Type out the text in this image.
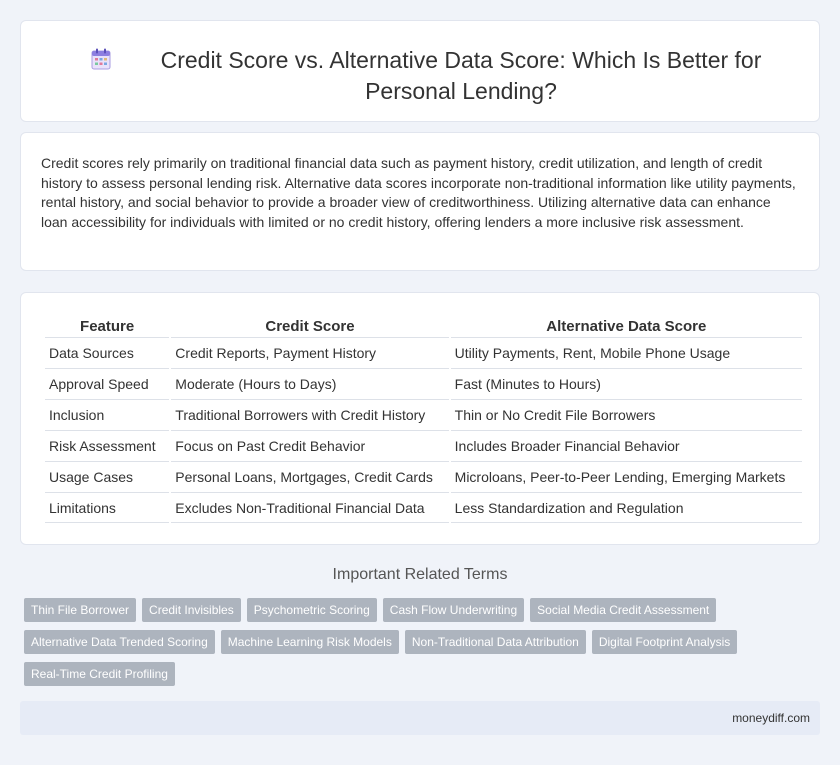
Credit Score vs. Alternative Data Score: Which Is Better for Personal Lending?

Credit scores rely primarily on traditional financial data such as payment history, credit utilization, and length of credit history to assess personal lending risk. Alternative data scores incorporate non-traditional information like utility payments, rental history, and social behavior to provide a broader view of creditworthiness. Utilizing alternative data can enhance loan accessibility for individuals with limited or no credit history, offering lenders a more inclusive risk assessment.

Feature	Credit Score	Alternative Data Score
Data Sources	Credit Reports, Payment History	Utility Payments, Rent, Mobile Phone Usage
Approval Speed	Moderate (Hours to Days)	Fast (Minutes to Hours)
Inclusion	Traditional Borrowers with Credit History	Thin or No Credit File Borrowers
Risk Assessment	Focus on Past Credit Behavior	Includes Broader Financial Behavior
Usage Cases	Personal Loans, Mortgages, Credit Cards	Microloans, Peer-to-Peer Lending, Emerging Markets
Limitations	Excludes Non-Traditional Financial Data	Less Standardization and Regulation
Important Related Terms
Thin File Borrower	Credit Invisibles	Psychometric Scoring	Cash Flow Underwriting	Social Media Credit Assessment
Alternative Data Trended Scoring	Machine Learning Risk Models	Non-Traditional Data Attribution	Digital Footprint Analysis
Real-Time Credit Profiling
moneydiff.com
